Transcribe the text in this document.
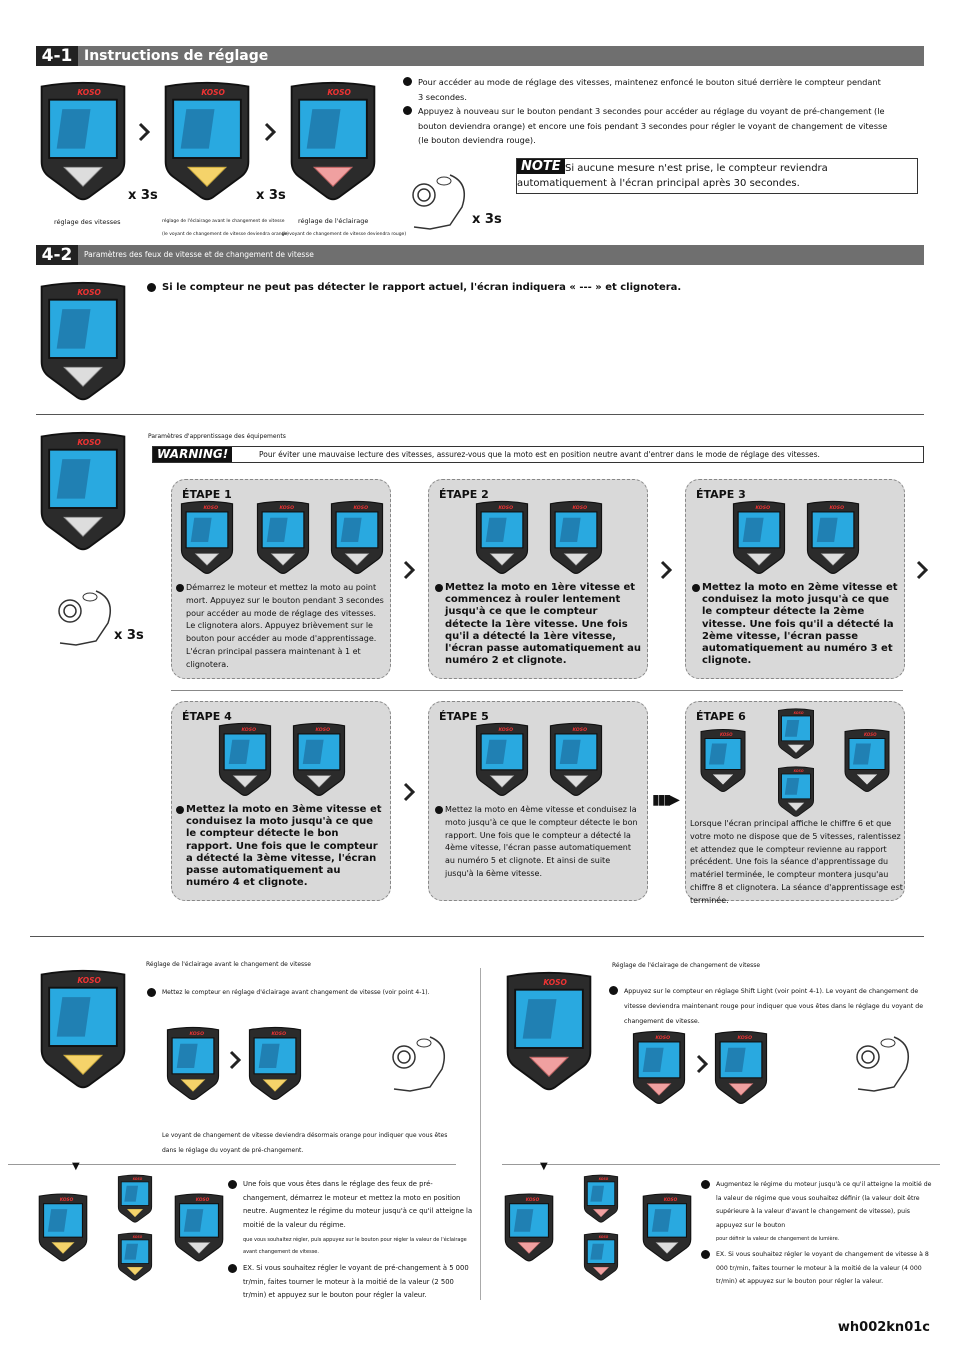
4-1 Instructions de réglage
x 3s	x 3s
réglage des vitesses	réglage de l'éclairage avant le changement de vitesse
(le voyant de changement de vitesse deviendra orange)
réglage de l'éclairage
(le voyant de changement de vitesse deviendra rouge)
Pour accéder au mode de réglage des vitesses, maintenez enfoncé le bouton situé derrière le compteur pendant 3 secondes.
Appuyez à nouveau sur le bouton pendant 3 secondes pour accéder au réglage du voyant de pré-changement (le bouton deviendra orange) et encore une fois pendant 3 secondes pour régler le voyant de changement de vitesse (le bouton deviendra rouge).
NOTE Si aucune mesure n'est prise, le compteur reviendra automatiquement à l'écran principal après 30 secondes.
x 3s
4-2	Paramètres des feux de vitesse et de changement de vitesse
Si le compteur ne peut pas détecter le rapport actuel, l'écran indiquera « --- » et clignotera.
x 3s
Paramètres d'apprentissage des équipements
WARNING!	Pour éviter une mauvaise lecture des vitesses, assurez-vous que la moto est en position neutre avant d'entrer dans le mode de réglage des vitesses.
ÉTAPE 1
Démarrez le moteur et mettez la moto au point mort. Appuyez sur le bouton pendant 3 secondes pour accéder au mode de réglage des vitesses. Le clignotera alors. Appuyez brièvement sur le bouton pour accéder au mode d'apprentissage. L'écran principal passera maintenant à 1 et clignotera.
ÉTAPE 2
Mettez la moto en 1ère vitesse et commencez à rouler lentement jusqu'à ce que le compteur détecte la 1ère vitesse. Une fois qu'il a détecté la 1ère vitesse, l'écran passe automatiquement au numéro 2 et clignote.
ÉTAPE 3
Mettez la moto en 2ème vitesse et conduisez la moto jusqu'à ce que le compteur détecte la 2ème vitesse. Une fois qu'il a détecté la 2ème vitesse, l'écran passe automatiquement au numéro 3 et clignote.
ÉTAPE 4
Mettez la moto en 3ème vitesse et conduisez la moto jusqu'à ce que le compteur détecte le bon rapport. Une fois que le compteur a détecté la 3ème vitesse, l'écran passe automatiquement au numéro 4 et clignote.
ÉTAPE 5
Mettez la moto en 4ème vitesse et conduisez la moto jusqu'à ce que le compteur détecte le bon rapport. Une fois que le compteur a détecté la 4ème vitesse, l'écran passe automatiquement au numéro 5 et clignote. Et ainsi de suite jusqu'à la 6ème vitesse.
▮▮▮▶
ÉTAPE 6
Lorsque l'écran principal affiche le chiffre 6 et que votre moto ne dispose que de 5 vitesses, ralentissez et attendez que le compteur revienne au rapport précédent. Une fois la séance d'apprentissage du matériel terminée, le compteur montera jusqu'au chiffre 8 et clignotera. La séance d'apprentissage est terminée.
Réglage de l'éclairage avant le changement de vitesse
Mettez le compteur en réglage d'éclairage avant changement de vitesse (voir point 4-1).
Le voyant de changement de vitesse deviendra désormais orange pour indiquer que vous êtes dans le réglage du voyant de pré-changement.
▼
Une fois que vous êtes dans le réglage des feux de pré-changement, démarrez le moteur et mettez la moto en position neutre. Augmentez le régime du moteur jusqu'à ce qu'il atteigne la moitié de la valeur du régime.
que vous souhaitez régler, puis appuyez sur le bouton pour régler la valeur de l'éclairage avant changement de vitesse.
EX. Si vous souhaitez régler le voyant de pré-changement à 5 000 tr/min, faites tourner le moteur à la moitié de la valeur (2 500 tr/min) et appuyez sur le bouton pour régler la valeur.
Réglage de l'éclairage de changement de vitesse
Appuyez sur le compteur en réglage Shift Light (voir point 4-1). Le voyant de changement de vitesse deviendra maintenant rouge pour indiquer que vous êtes dans le réglage du voyant de changement de vitesse.
▼
Augmentez le régime du moteur jusqu'à ce qu'il atteigne la moitié de la valeur de régime que vous souhaitez définir (la valeur doit être supérieure à la valeur d'avant le changement de vitesse), puis appuyez sur le bouton
pour définir la valeur de changement de lumière.
EX. Si vous souhaitez régler le voyant de changement de vitesse à 8 000 tr/min, faites tourner le moteur à la moitié de la valeur (4 000 tr/min) et appuyez sur le bouton pour régler la valeur.
wh002kn01c
